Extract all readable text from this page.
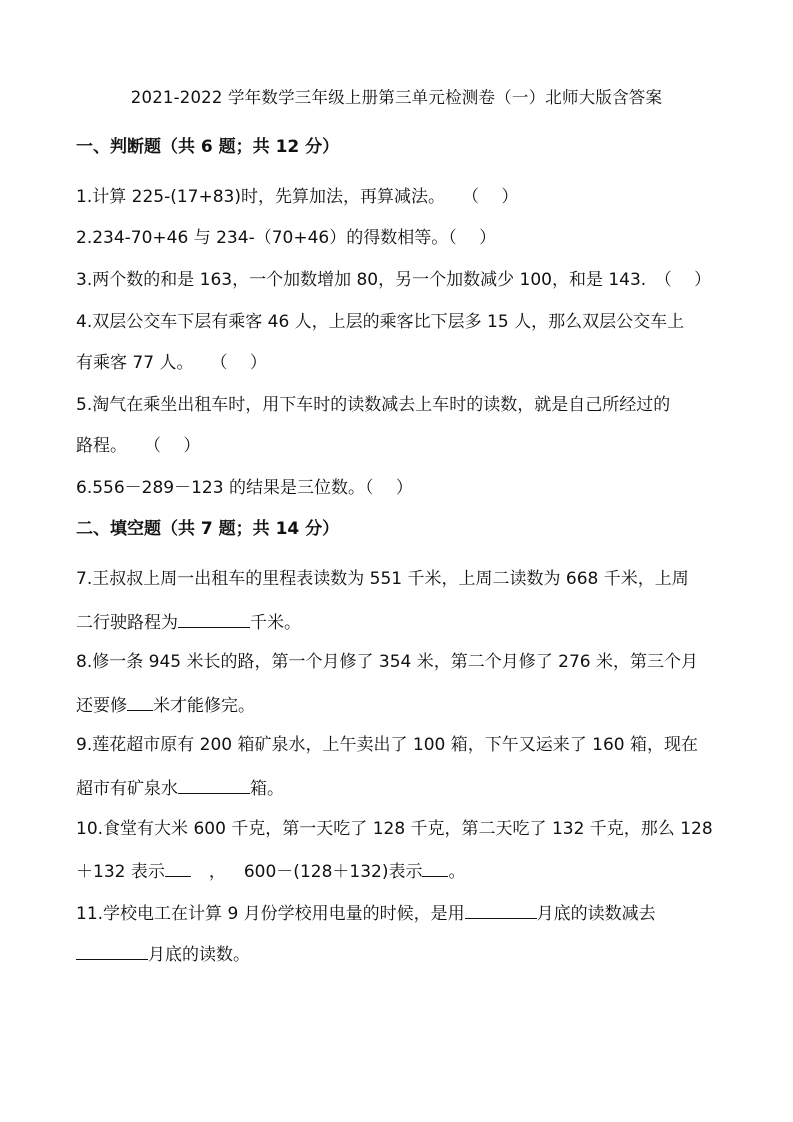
2021-2022 学年数学三年级上册第三单元检测卷（一）北师大版含答案
一、判断题（共 6 题；共 12 分）
1.计算 225-(17+83)时，先算加法，再算减法。　　（　 ）
2.234-70+46 与 234-（70+46）的得数相等。（　 ）
3.两个数的和是 163，一个加数增加 80，另一个加数减少 100，和是 143.　（　 ）
4.双层公交车下层有乘客 46 人，上层的乘客比下层多 15 人，那么双层公交车上
有乘客 77 人。　　（　 ）
5.淘气在乘坐出租车时，用下车时的读数减去上车时的读数，就是自己所经过的
路程。　　（　 ）
6.556－289－123 的结果是三位数。（　 ）
二、填空题（共 7 题；共 14 分）
7.王叔叔上周一出租车的里程表读数为 551 千米，上周二读数为 668 千米，上周
二行驶路程为	千米。
8.修一条 945 米长的路，第一个月修了 354 米，第二个月修了 276 米，第三个月
还要修 米才能修完。
9.莲花超市原有 200 箱矿泉水，上午卖出了 100 箱，下午又运来了 160 箱，现在
超市有矿泉水	箱。
10.食堂有大米 600 千克，第一天吃了 128 千克，第二天吃了 132 千克，那么 128
＋132 表示	， 600－(128＋132)表示 。
11.学校电工在计算 9 月份学校用电量的时候，是用	月底的读数减去
月底的读数。
